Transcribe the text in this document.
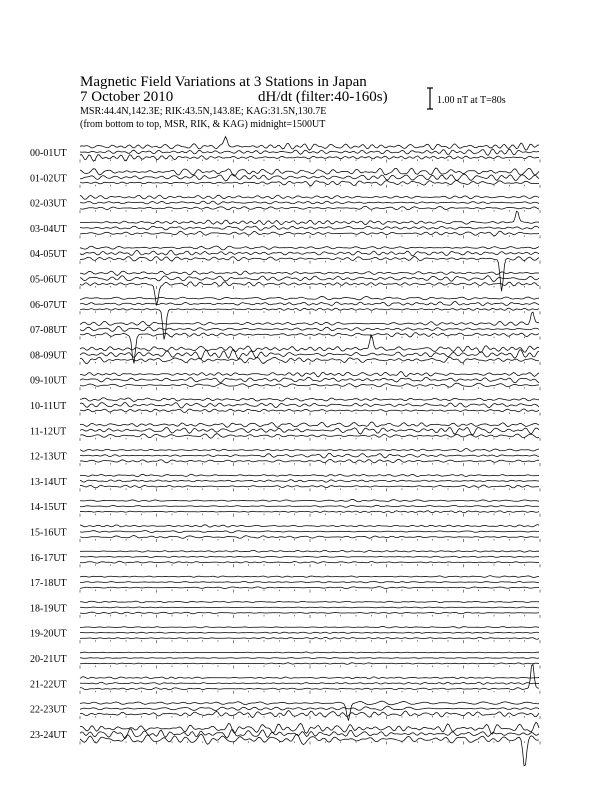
Magnetic Field Variations at 3 Stations in Japan
7 October 2010	dH/dt (filter:40-160s)
MSR:44.4N,142.3E; RIK:43.5N,143.8E; KAG:31.5N,130.7E
(from bottom to top, MSR, RIK, & KAG) midnight=1500UT
1.00 nT at T=80s
00-01UT
01-02UT
02-03UT
03-04UT
04-05UT
05-06UT
06-07UT
07-08UT
08-09UT
09-10UT
10-11UT
11-12UT
12-13UT
13-14UT
14-15UT
15-16UT
16-17UT
17-18UT
18-19UT
19-20UT
20-21UT
21-22UT
22-23UT
23-24UT
